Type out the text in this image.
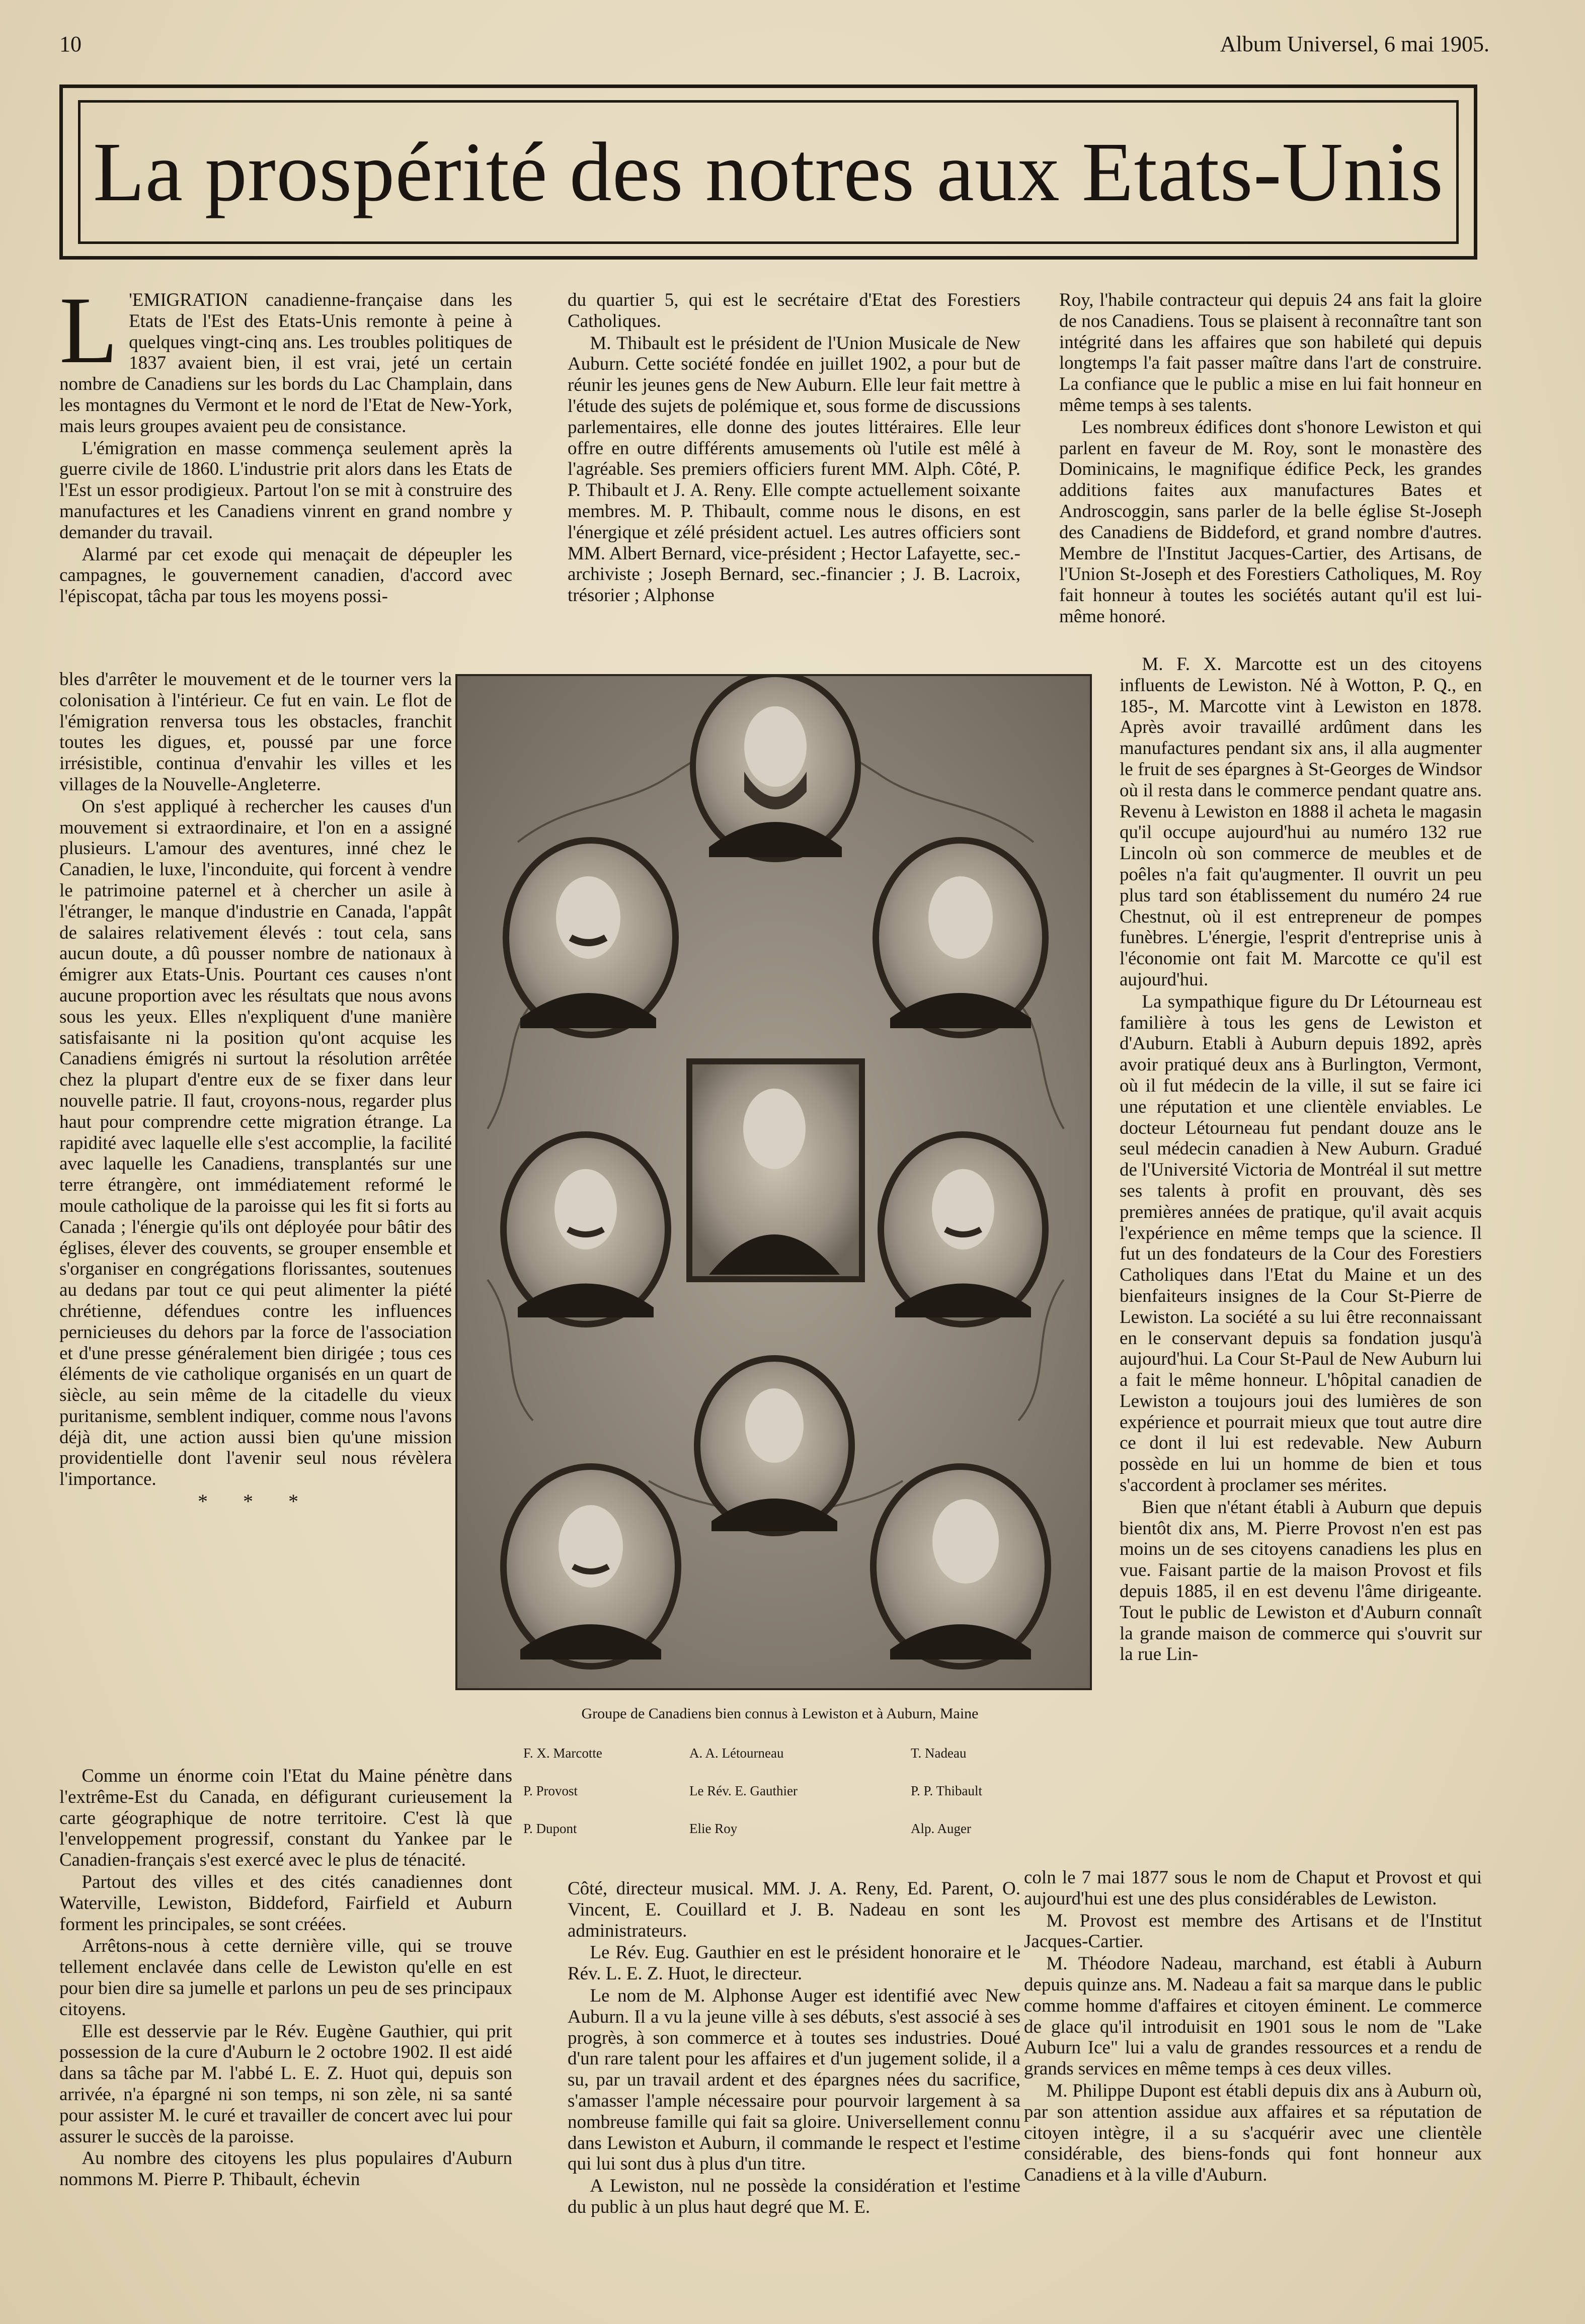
10	Album Universel, 6 mai 1905.
La prospérité des notres aux Etats-Unis

L 'EMIGRATION canadienne-française dans les Etats de l'Est des Etats-Unis remonte à peine à quelques vingt-cinq ans. Les troubles politiques de 1837 avaient bien, il est vrai, jeté un certain nombre de Canadiens sur les bords du Lac Champlain, dans les montagnes du Vermont et le nord de l'Etat de New-York, mais leurs groupes avaient peu de consistance.

L'émigration en masse commença seulement après la guerre civile de 1860. L'industrie prit alors dans les Etats de l'Est un essor prodigieux. Partout l'on se mit à construire des manufactures et les Canadiens vinrent en grand nombre y demander du travail.

Alarmé par cet exode qui menaçait de dépeupler les campagnes, le gouvernement canadien, d'accord avec l'épiscopat, tâcha par tous les moyens possi-

bles d'arrêter le mouvement et de le tourner vers la colonisation à l'intérieur. Ce fut en vain. Le flot de l'émigration renversa tous les obstacles, franchit toutes les digues, et, poussé par une force irrésistible, continua d'envahir les villes et les villages de la Nouvelle-Angleterre.

On s'est appliqué à rechercher les causes d'un mouvement si extraordinaire, et l'on en a assigné plusieurs. L'amour des aventures, inné chez le Canadien, le luxe, l'inconduite, qui forcent à vendre le patrimoine paternel et à chercher un asile à l'étranger, le manque d'industrie en Canada, l'appât de salaires relativement élevés : tout cela, sans aucun doute, a dû pousser nombre de nationaux à émigrer aux Etats-Unis. Pourtant ces causes n'ont aucune proportion avec les résultats que nous avons sous les yeux. Elles n'expliquent d'une manière satisfaisante ni la position qu'ont acquise les Canadiens émigrés ni surtout la résolution arrêtée chez la plupart d'entre eux de se fixer dans leur nouvelle patrie. Il faut, croyons-nous, regarder plus haut pour comprendre cette migration étrange. La rapidité avec laquelle elle s'est accomplie, la facilité avec laquelle les Canadiens, transplantés sur une terre étrangère, ont immédiatement reformé le moule catholique de la paroisse qui les fit si forts au Canada ; l'énergie qu'ils ont déployée pour bâtir des églises, élever des couvents, se grouper ensemble et s'organiser en congrégations florissantes, soutenues au dedans par tout ce qui peut alimenter la piété chrétienne, défendues contre les influences pernicieuses du dehors par la force de l'association et d'une presse généralement bien dirigée ; tous ces éléments de vie catholique organisés en un quart de siècle, au sein même de la citadelle du vieux puritanisme, semblent indiquer, comme nous l'avons déjà dit, une action aussi bien qu'une mission providentielle dont l'avenir seul nous révèlera l'importance.

* * *

Comme un énorme coin l'Etat du Maine pénètre dans l'extrême-Est du Canada, en défigurant curieusement la carte géographique de notre territoire. C'est là que l'enveloppement progressif, constant du Yankee par le Canadien-français s'est exercé avec le plus de ténacité.

Partout des villes et des cités canadiennes dont Waterville, Lewiston, Biddeford, Fairfield et Auburn forment les principales, se sont créées.

Arrêtons-nous à cette dernière ville, qui se trouve tellement enclavée dans celle de Lewiston qu'elle en est pour bien dire sa jumelle et parlons un peu de ses principaux citoyens.

Elle est desservie par le Rév. Eugène Gauthier, qui prit possession de la cure d'Auburn le 2 octobre 1902. Il est aidé dans sa tâche par M. l'abbé L. E. Z. Huot qui, depuis son arrivée, n'a épargné ni son temps, ni son zèle, ni sa santé pour assister M. le curé et travailler de concert avec lui pour assurer le succès de la paroisse.

Au nombre des citoyens les plus populaires d'Auburn nommons M. Pierre P. Thibault, échevin

du quartier 5, qui est le secrétaire d'Etat des Forestiers Catholiques.

M. Thibault est le président de l'Union Musicale de New Auburn. Cette société fondée en juillet 1902, a pour but de réunir les jeunes gens de New Auburn. Elle leur fait mettre à l'étude des sujets de polémique et, sous forme de discussions parlementaires, elle donne des joutes littéraires. Elle leur offre en outre différents amusements où l'utile est mêlé à l'agréable. Ses premiers officiers furent MM. Alph. Côté, P. P. Thibault et J. A. Reny. Elle compte actuellement soixante membres. M. P. Thibault, comme nous le disons, en est l'énergique et zélé président actuel. Les autres officiers sont MM. Albert Bernard, vice-président ; Hector Lafayette, sec.-archiviste ; Joseph Bernard, sec.-financier ; J. B. Lacroix, trésorier ; Alphonse

Côté, directeur musical. MM. J. A. Reny, Ed. Parent, O. Vincent, E. Couillard et J. B. Nadeau en sont les administrateurs.

Le Rév. Eug. Gauthier en est le président honoraire et le Rév. L. E. Z. Huot, le directeur.

Le nom de M. Alphonse Auger est identifié avec New Auburn. Il a vu la jeune ville à ses débuts, s'est associé à ses progrès, à son commerce et à toutes ses industries. Doué d'un rare talent pour les affaires et d'un jugement solide, il a su, par un travail ardent et des épargnes nées du sacrifice, s'amasser l'ample nécessaire pour pourvoir largement à sa nombreuse famille qui fait sa gloire. Universellement connu dans Lewiston et Auburn, il commande le respect et l'estime qui lui sont dus à plus d'un titre.

A Lewiston, nul ne possède la considération et l'estime du public à un plus haut degré que M. E.

Roy, l'habile contracteur qui depuis 24 ans fait la gloire de nos Canadiens. Tous se plaisent à reconnaître tant son intégrité dans les affaires que son habileté qui depuis longtemps l'a fait passer maître dans l'art de construire. La confiance que le public a mise en lui fait honneur en même temps à ses talents.

Les nombreux édifices dont s'honore Lewiston et qui parlent en faveur de M. Roy, sont le monastère des Dominicains, le magnifique édifice Peck, les grandes additions faites aux manufactures Bates et Androscoggin, sans parler de la belle église St-Joseph des Canadiens de Biddeford, et grand nombre d'autres. Membre de l'Institut Jacques-Cartier, des Artisans, de l'Union St-Joseph et des Forestiers Catholiques, M. Roy fait honneur à toutes les sociétés autant qu'il est lui-même honoré.

M. F. X. Marcotte est un des citoyens influents de Lewiston. Né à Wotton, P. Q., en 185-, M. Marcotte vint à Lewiston en 1878. Après avoir travaillé ardûment dans les manufactures pendant six ans, il alla augmenter le fruit de ses épargnes à St-Georges de Windsor où il resta dans le commerce pendant quatre ans. Revenu à Lewiston en 1888 il acheta le magasin qu'il occupe aujourd'hui au numéro 132 rue Lincoln où son commerce de meubles et de poêles n'a fait qu'augmenter. Il ouvrit un peu plus tard son établissement du numéro 24 rue Chestnut, où il est entrepreneur de pompes funèbres. L'énergie, l'esprit d'entreprise unis à l'économie ont fait M. Marcotte ce qu'il est aujourd'hui.

La sympathique figure du Dr Létourneau est familière à tous les gens de Lewiston et d'Auburn. Etabli à Auburn depuis 1892, après avoir pratiqué deux ans à Burlington, Vermont, où il fut médecin de la ville, il sut se faire ici une réputation et une clientèle enviables. Le docteur Létourneau fut pendant douze ans le seul médecin canadien à New Auburn. Gradué de l'Université Victoria de Montréal il sut mettre ses talents à profit en prouvant, dès ses premières années de pratique, qu'il avait acquis l'expérience en même temps que la science. Il fut un des fondateurs de la Cour des Forestiers Catholiques dans l'Etat du Maine et un des bienfaiteurs insignes de la Cour St-Pierre de Lewiston. La société a su lui être reconnaissant en le conservant depuis sa fondation jusqu'à aujourd'hui. La Cour St-Paul de New Auburn lui a fait le même honneur. L'hôpital canadien de Lewiston a toujours joui des lumières de son expérience et pourrait mieux que tout autre dire ce dont il lui est redevable. New Auburn possède en lui un homme de bien et tous s'accordent à proclamer ses mérites.

Bien que n'étant établi à Auburn que depuis bientôt dix ans, M. Pierre Provost n'en est pas moins un de ses citoyens canadiens les plus en vue. Faisant partie de la maison Provost et fils depuis 1885, il en est devenu l'âme dirigeante. Tout le public de Lewiston et d'Auburn connaît la grande maison de commerce qui s'ouvrit sur la rue Lin-

coln le 7 mai 1877 sous le nom de Chaput et Provost et qui aujourd'hui est une des plus considérables de Lewiston.

M. Provost est membre des Artisans et de l'Institut Jacques-Cartier.

M. Théodore Nadeau, marchand, est établi à Auburn depuis quinze ans. M. Nadeau a fait sa marque dans le public comme homme d'affaires et citoyen éminent. Le commerce de glace qu'il introduisit en 1901 sous le nom de "Lake Auburn Ice" lui a valu de grandes ressources et a rendu de grands services en même temps à ces deux villes.

M. Philippe Dupont est établi depuis dix ans à Auburn où, par son attention assidue aux affaires et sa réputation de citoyen intègre, il a su s'acquérir avec une clientèle considérable, des biens-fonds qui font honneur aux Canadiens et à la ville d'Auburn.

Groupe de Canadiens bien connus à Lewiston et à Auburn, Maine
F. X. Marcotte	A. A. Létourneau	T. Nadeau
P. Provost	Le Rév. E. Gauthier	P. P. Thibault
P. Dupont	Elie Roy	Alp. Auger
